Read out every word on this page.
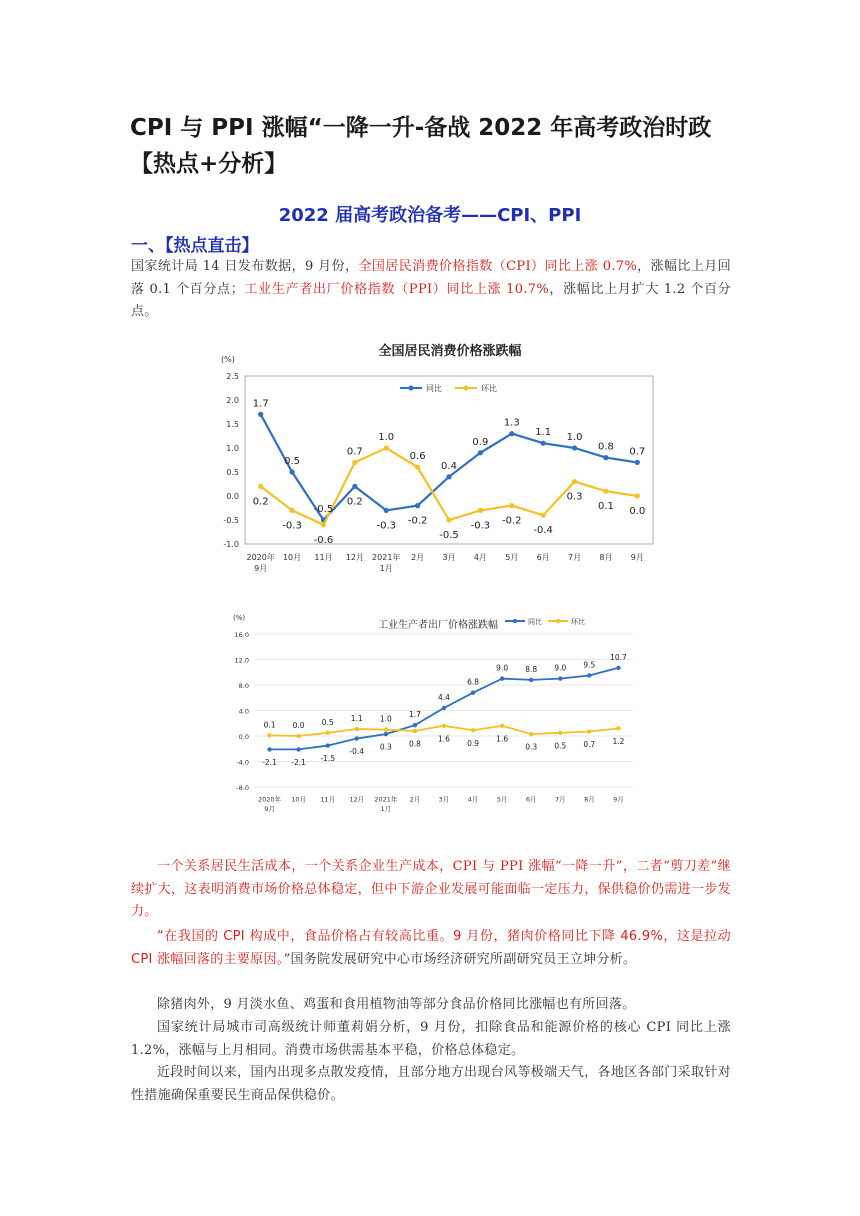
CPI 与 PPI 涨幅“一降一升-备战 2022 年高考政治时政【热点+分析】
2022 届高考政治备考——CPI、PPI
一、【热点直击】
国家统计局 14 日发布数据，9 月份，全国居民消费价格指数（CPI）同比上涨 0.7%，涨幅比上月回落 0.1 个百分点；工业生产者出厂价格指数（PPI）同比上涨 10.7%，涨幅比上月扩大 1.2 个百分点。
全国居民消费价格涨跌幅
(%)
同比	环比
2.5
2.0
1.5
1.0
0.5
0.0
-0.5
-1.0
2020年
9月
10月 11月 12月 2021年
1月
2月 3月 4月 5月 6月 7月 8月 9月
1.7
0.2
0.5
-0.3
-0.5
-0.6
0.2
0.7
-0.3
1.0
-0.2
0.6
0.4
-0.5
0.9
-0.3
1.3
-0.2
1.1
-0.4
1.0
0.3
0.8
0.1
0.7
0.0
工业生产者出厂价格涨跌幅
(%)	同比	环比
16.0
12.0
8.0
4.0
0.0
-4.0
-8.0
2020年
9月
10月 11月 12月 2021年
1月
2月	3月	4月	5月	6月	7月	8月	9月
-2.1
0.1
-2.1
0.0
-1.5
0.5
-0.4
1.1
0.3
1.0 1.7
0.8
4.4
1.6
6.8
0.9
9.0
1.6
8.8
0.3
9.0
0.5
9.5
0.7
10.7
1.2
一个关系居民生活成本，一个关系企业生产成本，CPI 与 PPI 涨幅“一降一升”，二者“剪刀差”继续扩大，这表明消费市场价格总体稳定，但中下游企业发展可能面临一定压力，保供稳价仍需进一步发力。
“在我国的 CPI 构成中，食品价格占有较高比重。9 月份，猪肉价格同比下降 46.9%，这是拉动 CPI 涨幅回落的主要原因。”国务院发展研究中心市场经济研究所副研究员王立坤分析。
除猪肉外，9 月淡水鱼、鸡蛋和食用植物油等部分食品价格同比涨幅也有所回落。
国家统计局城市司高级统计师董莉娟分析，9 月份，扣除食品和能源价格的核心 CPI 同比上涨 1.2%，涨幅与上月相同。消费市场供需基本平稳，价格总体稳定。
近段时间以来，国内出现多点散发疫情，且部分地方出现台风等极端天气，各地区各部门采取针对性措施确保重要民生商品保供稳价。
